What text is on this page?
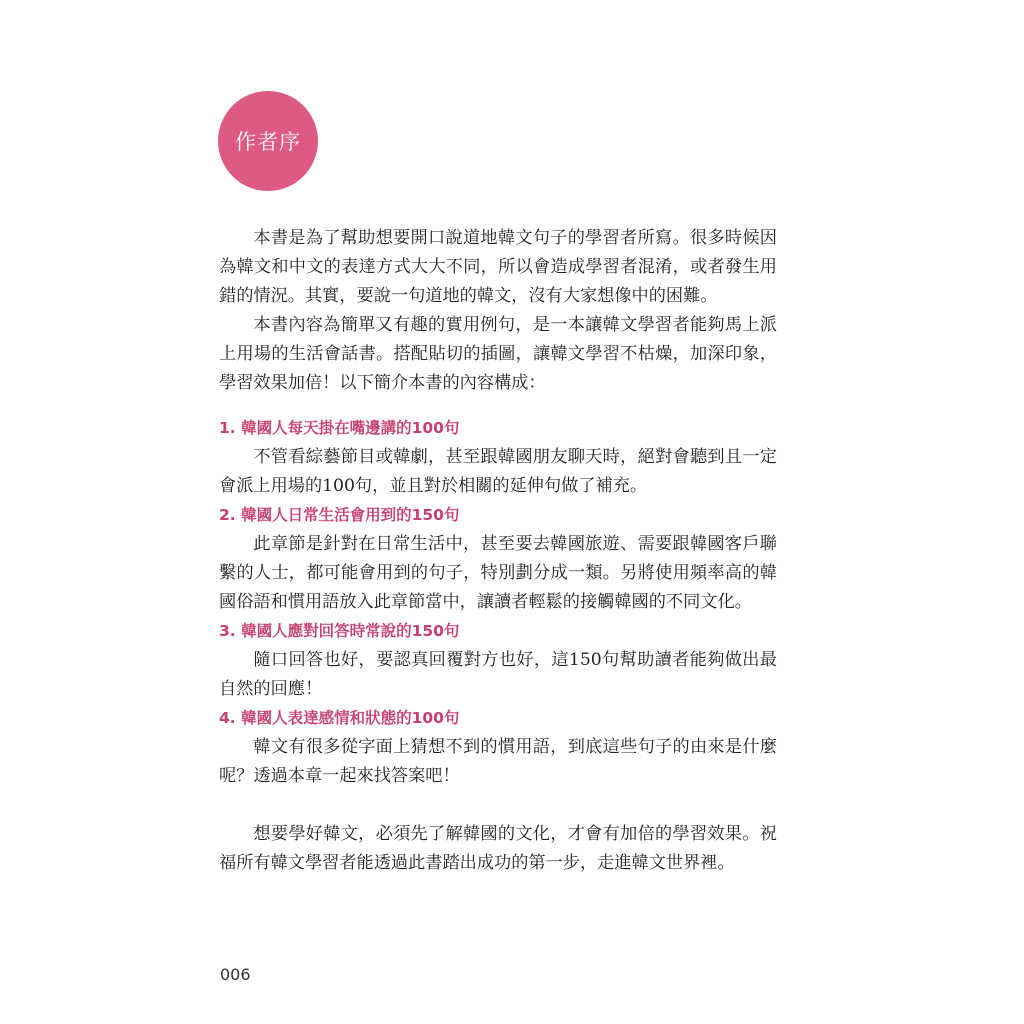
作者序

本書是為了幫助想要開口說道地韓文句子的學習者所寫。很多時候因為韓文和中文的表達方式大大不同，所以會造成學習者混淆，或者發生用錯的情況。其實，要說一句道地的韓文，沒有大家想像中的困難。

本書內容為簡單又有趣的實用例句，是一本讓韓文學習者能夠馬上派上用場的生活會話書。搭配貼切的插圖，讓韓文學習不枯燥，加深印象，學習效果加倍！以下簡介本書的內容構成：

1. 韓國人每天掛在嘴邊講的100句

不管看綜藝節目或韓劇，甚至跟韓國朋友聊天時，絕對會聽到且一定會派上用場的100句，並且對於相關的延伸句做了補充。

2. 韓國人日常生活會用到的150句

此章節是針對在日常生活中，甚至要去韓國旅遊、需要跟韓國客戶聯繫的人士，都可能會用到的句子，特別劃分成一類。另將使用頻率高的韓國俗語和慣用語放入此章節當中，讓讀者輕鬆的接觸韓國的不同文化。

3. 韓國人應對回答時常說的150句

隨口回答也好，要認真回覆對方也好，這150句幫助讀者能夠做出最自然的回應！

4. 韓國人表達感情和狀態的100句

韓文有很多從字面上猜想不到的慣用語，到底這些句子的由來是什麼呢？透過本章一起來找答案吧！

想要學好韓文，必須先了解韓國的文化，才會有加倍的學習效果。祝福所有韓文學習者能透過此書踏出成功的第一步，走進韓文世界裡。

006
